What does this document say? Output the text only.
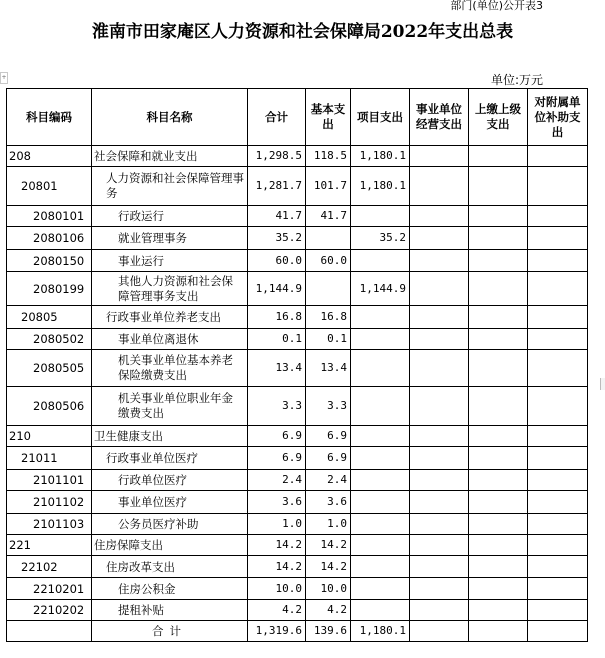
部门(单位)公开表3
淮南市田家庵区人力资源和社会保障局2022年支出总表
+	单位:万元
科目编码	科目名称	合计	基本支出	项目支出	事业单位经营支出	上缴上级支出	对附属单位补助支出
208	社会保障和就业支出	1,298.5	118.5	1,180.1			
20801	人力资源和社会保障管理事务	1,281.7	101.7	1,180.1			
2080101	行政运行	41.7	41.7				
2080106	就业管理事务	35.2		35.2			
2080150	事业运行	60.0	60.0				
2080199	其他人力资源和社会保障管理事务支出	1,144.9		1,144.9			
20805	行政事业单位养老支出	16.8	16.8				
2080502	事业单位离退休	0.1	0.1				
2080505	机关事业单位基本养老保险缴费支出	13.4	13.4				
2080506	机关事业单位职业年金缴费支出	3.3	3.3				
210	卫生健康支出	6.9	6.9				
21011	行政事业单位医疗	6.9	6.9				
2101101	行政单位医疗	2.4	2.4				
2101102	事业单位医疗	3.6	3.6				
2101103	公务员医疗补助	1.0	1.0				
221	住房保障支出	14.2	14.2				
22102	住房改革支出	14.2	14.2				
2210201	住房公积金	10.0	10.0				
2210202	提租补贴	4.2	4.2				
	合计	1,319.6	139.6	1,180.1			
